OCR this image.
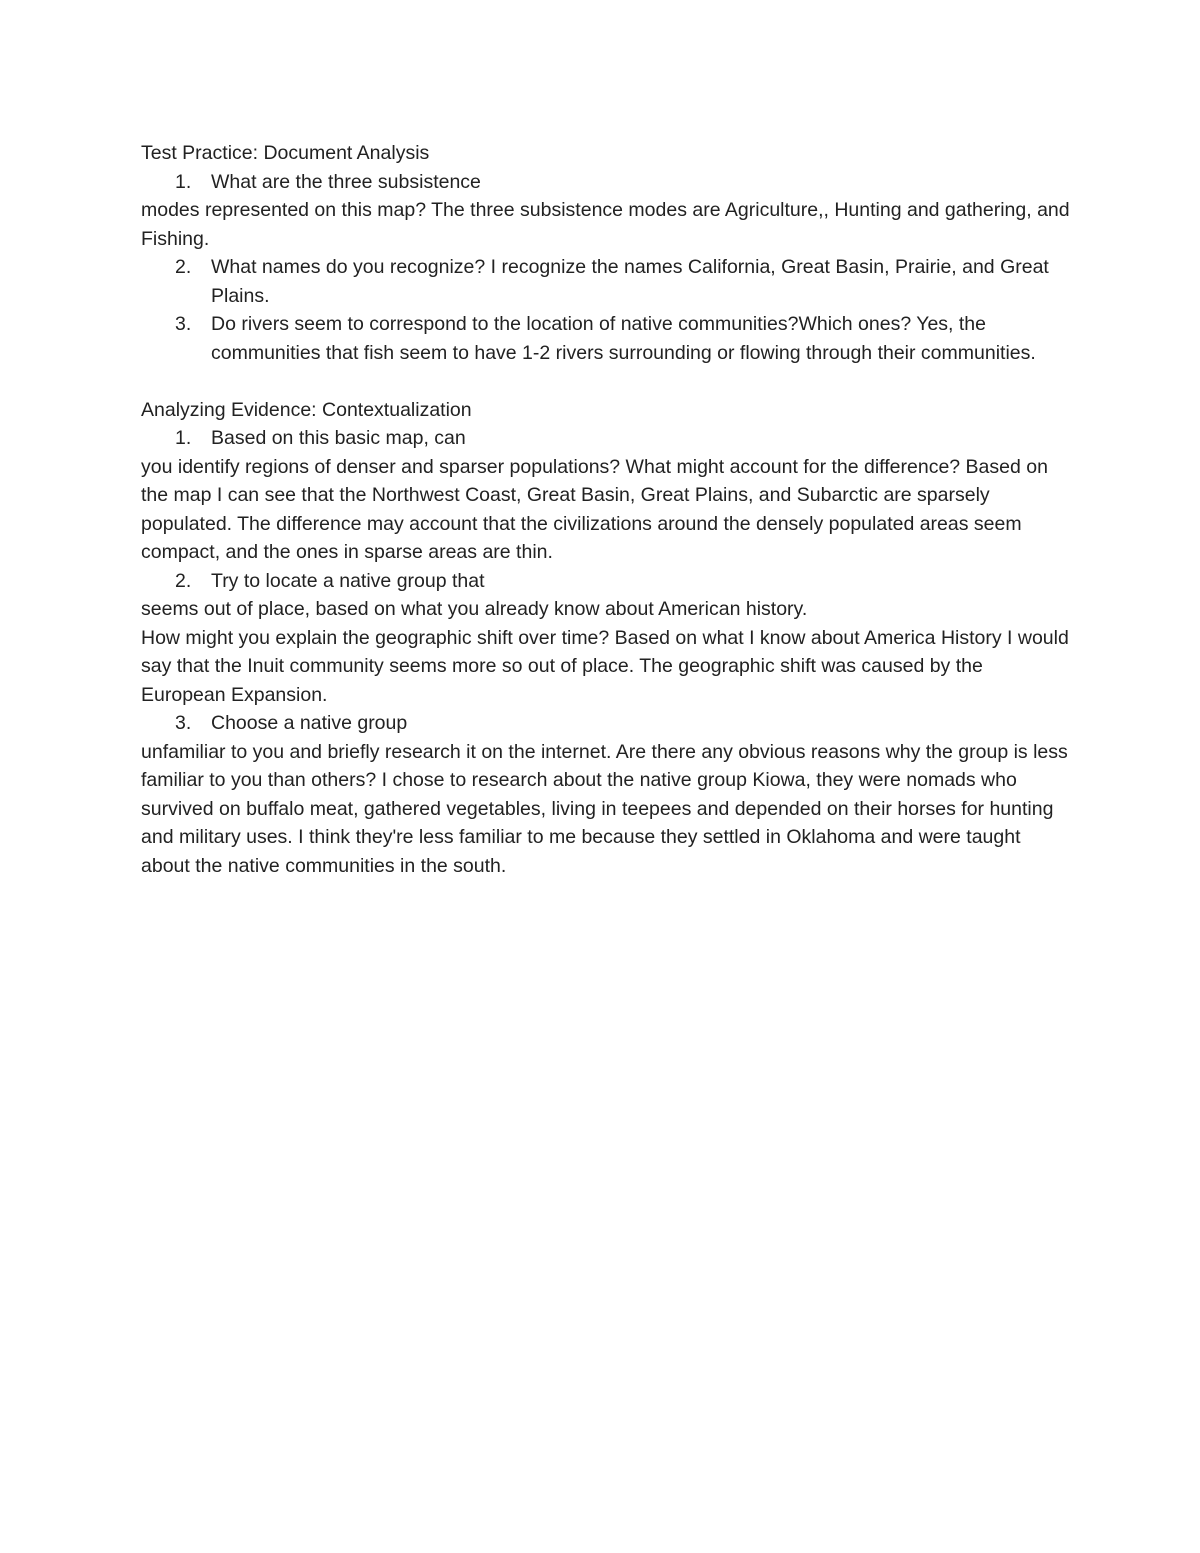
Test Practice: Document Analysis

1. What are the three subsistence

modes represented on this map? The three subsistence modes are Agriculture,, Hunting and gathering, and Fishing.

2. What names do you recognize? I recognize the names California, Great Basin, Prairie, and Great Plains.
3. Do rivers seem to correspond to the location of native communities?Which ones? Yes, the communities that fish seem to have 1-2 rivers surrounding or flowing through their communities.

Analyzing Evidence: Contextualization

1. Based on this basic map, can

you identify regions of denser and sparser populations? What might account for the difference? Based on the map I can see that the Northwest Coast, Great Basin, Great Plains, and Subarctic are sparsely populated. The difference may account that the civilizations around the densely populated areas seem compact, and the ones in sparse areas are thin.

2. Try to locate a native group that

seems out of place, based on what you already know about American history.

How might you explain the geographic shift over time? Based on what I know about America History I would say that the Inuit community seems more so out of place. The geographic shift was caused by the European Expansion.

3. Choose a native group

unfamiliar to you and briefly research it on the internet. Are there any obvious reasons why the group is less familiar to you than others? I chose to research about the native group Kiowa, they were nomads who survived on buffalo meat, gathered vegetables, living in teepees and depended on their horses for hunting and military uses. I think they're less familiar to me because they settled in Oklahoma and were taught about the native communities in the south.
